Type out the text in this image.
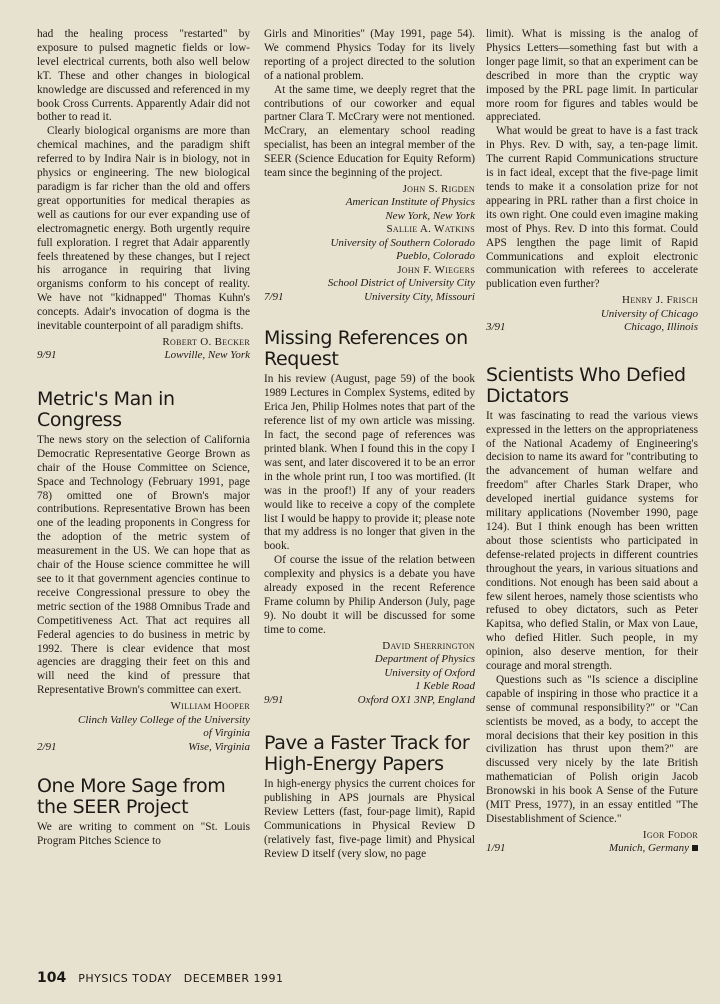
had the healing process "restarted" by exposure to pulsed magnetic fields or low-level electrical currents, both also well below kT. These and other changes in biological knowledge are discussed and referenced in my book Cross Currents. Apparently Adair did not bother to read it.

Clearly biological organisms are more than chemical machines, and the paradigm shift referred to by Indira Nair is in biology, not in physics or engineering. The new biological paradigm is far richer than the old and offers great opportunities for medical therapies as well as cautions for our ever expanding use of electromagnetic energy. Both urgently require full exploration. I regret that Adair apparently feels threatened by these changes, but I reject his arrogance in requiring that living organisms conform to his concept of reality. We have not "kidnapped" Thomas Kuhn's concepts. Adair's invocation of dogma is the inevitable counterpoint of all paradigm shifts.

Robert O. Becker
9/91	Lowville, New York
Metric's Man in Congress

The news story on the selection of California Democratic Representative George Brown as chair of the House Committee on Science, Space and Technology (February 1991, page 78) omitted one of Brown's major contributions. Representative Brown has been one of the leading proponents in Congress for the adoption of the metric system of measurement in the US. We can hope that as chair of the House science committee he will see to it that government agencies continue to receive Congressional pressure to obey the metric section of the 1988 Omnibus Trade and Competitiveness Act. That act requires all Federal agencies to do business in metric by 1992. There is clear evidence that most agencies are dragging their feet on this and will need the kind of pressure that Representative Brown's committee can exert.

William Hooper
Clinch Valley College of the University
of Virginia
2/91	Wise, Virginia
One More Sage from the SEER Project

We are writing to comment on "St. Louis Program Pitches Science to

Girls and Minorities" (May 1991, page 54). We commend Physics Today for its lively reporting of a project directed to the solution of a national problem.

At the same time, we deeply regret that the contributions of our coworker and equal partner Clara T. McCrary were not mentioned. McCrary, an elementary school reading specialist, has been an integral member of the SEER (Science Education for Equity Reform) team since the beginning of the project.

John S. Rigden
American Institute of Physics
New York, New York
Sallie A. Watkins
University of Southern Colorado
Pueblo, Colorado
John F. Wiegers
School District of University City
7/91	University City, Missouri
Missing References on Request

In his review (August, page 59) of the book 1989 Lectures in Complex Systems, edited by Erica Jen, Philip Holmes notes that part of the reference list of my own article was missing. In fact, the second page of references was printed blank. When I found this in the copy I was sent, and later discovered it to be an error in the whole print run, I too was mortified. (It was in the proof!) If any of your readers would like to receive a copy of the complete list I would be happy to provide it; please note that my address is no longer that given in the book.

Of course the issue of the relation between complexity and physics is a debate you have already exposed in the recent Reference Frame column by Philip Anderson (July, page 9). No doubt it will be discussed for some time to come.

David Sherrington
Department of Physics
University of Oxford
1 Keble Road
9/91	Oxford OX1 3NP, England
Pave a Faster Track for High-Energy Papers

In high-energy physics the current choices for publishing in APS journals are Physical Review Letters (fast, four-page limit), Rapid Communications in Physical Review D (relatively fast, five-page limit) and Physical Review D itself (very slow, no page

limit). What is missing is the analog of Physics Letters—something fast but with a longer page limit, so that an experiment can be described in more than the cryptic way imposed by the PRL page limit. In particular more room for figures and tables would be appreciated.

What would be great to have is a fast track in Phys. Rev. D with, say, a ten-page limit. The current Rapid Communications structure is in fact ideal, except that the five-page limit tends to make it a consolation prize for not appearing in PRL rather than a first choice in its own right. One could even imagine making most of Phys. Rev. D into this format. Could APS lengthen the page limit of Rapid Communications and exploit electronic communication with referees to accelerate publication even further?

Henry J. Frisch
University of Chicago
3/91	Chicago, Illinois
Scientists Who Defied Dictators

It was fascinating to read the various views expressed in the letters on the appropriateness of the National Academy of Engineering's decision to name its award for "contributing to the advancement of human welfare and freedom" after Charles Stark Draper, who developed inertial guidance systems for military applications (November 1990, page 124). But I think enough has been written about those scientists who participated in defense-related projects in different countries throughout the years, in various situations and conditions. Not enough has been said about a few silent heroes, namely those scientists who refused to obey dictators, such as Peter Kapitsa, who defied Stalin, or Max von Laue, who defied Hitler. Such people, in my opinion, also deserve mention, for their courage and moral strength.

Questions such as "Is science a discipline capable of inspiring in those who practice it a sense of communal responsibility?" or "Can scientists be moved, as a body, to accept the moral decisions that their key position in this civilization has thrust upon them?" are discussed very nicely by the late British mathematician of Polish origin Jacob Bronowski in his book A Sense of the Future (MIT Press, 1977), in an essay entitled "The Disestablishment of Science."

Igor Fodor
1/91	Munich, Germany
104 PHYSICS TODAY DECEMBER 1991
